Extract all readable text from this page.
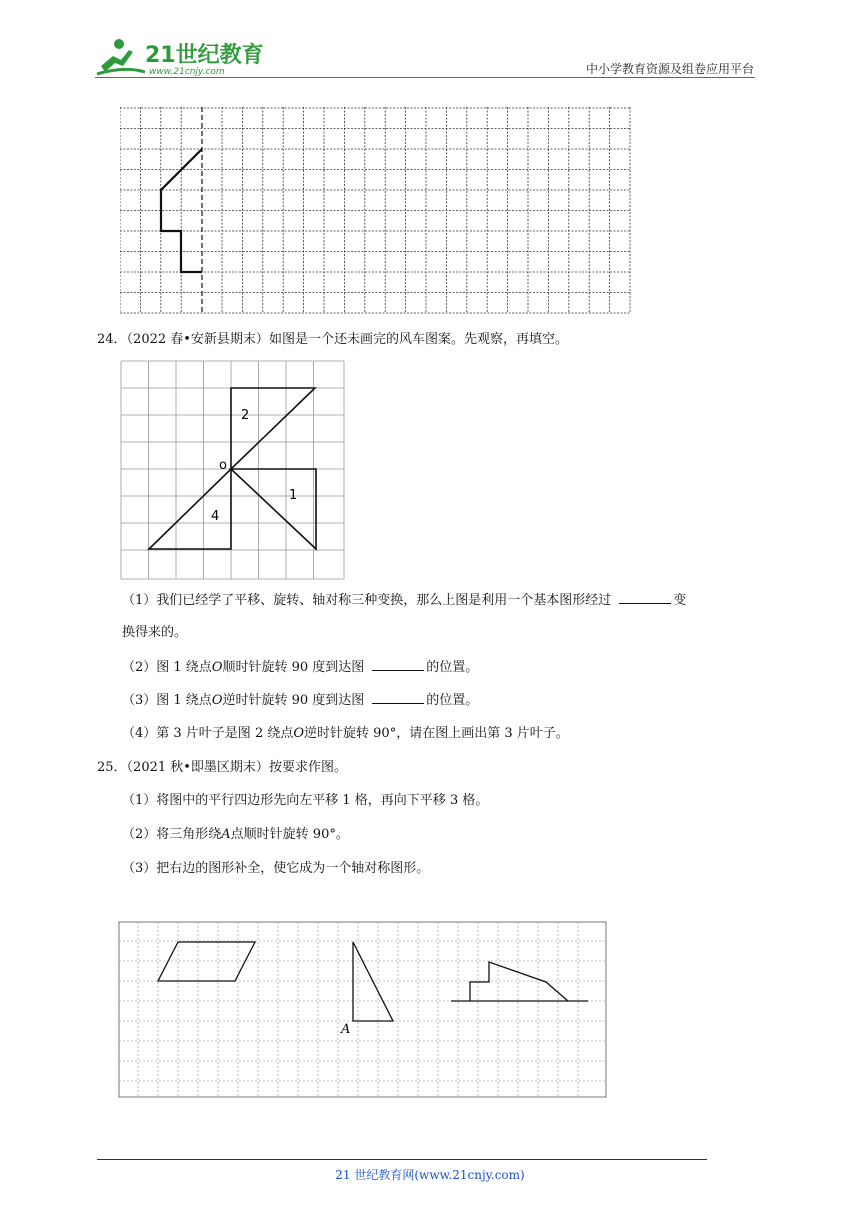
21世纪教育
www.21cnjy.com	中小学教育资源及组卷应用平台
24．（2022 春•安新县期末）如图是一个还未画完的风车图案。先观察，再填空。
o
2
1
4
（1）我们已经学了平移、旋转、轴对称三种变换，那么上图是利用一个基本图形经过	变
换得来的。
（2）图 1 绕点O顺时针旋转 90 度到达图	的位置。
（3）图 1 绕点O逆时针旋转 90 度到达图	的位置。
（4）第 3 片叶子是图 2 绕点O逆时针旋转 90°，请在图上画出第 3 片叶子。
25．（2021 秋•即墨区期末）按要求作图。
（1）将图中的平行四边形先向左平移 1 格，再向下平移 3 格。
（2）将三角形绕A点顺时针旋转 90°。
（3）把右边的图形补全，使它成为一个轴对称图形。
A
21 世纪教育网(www.21cnjy.com)
